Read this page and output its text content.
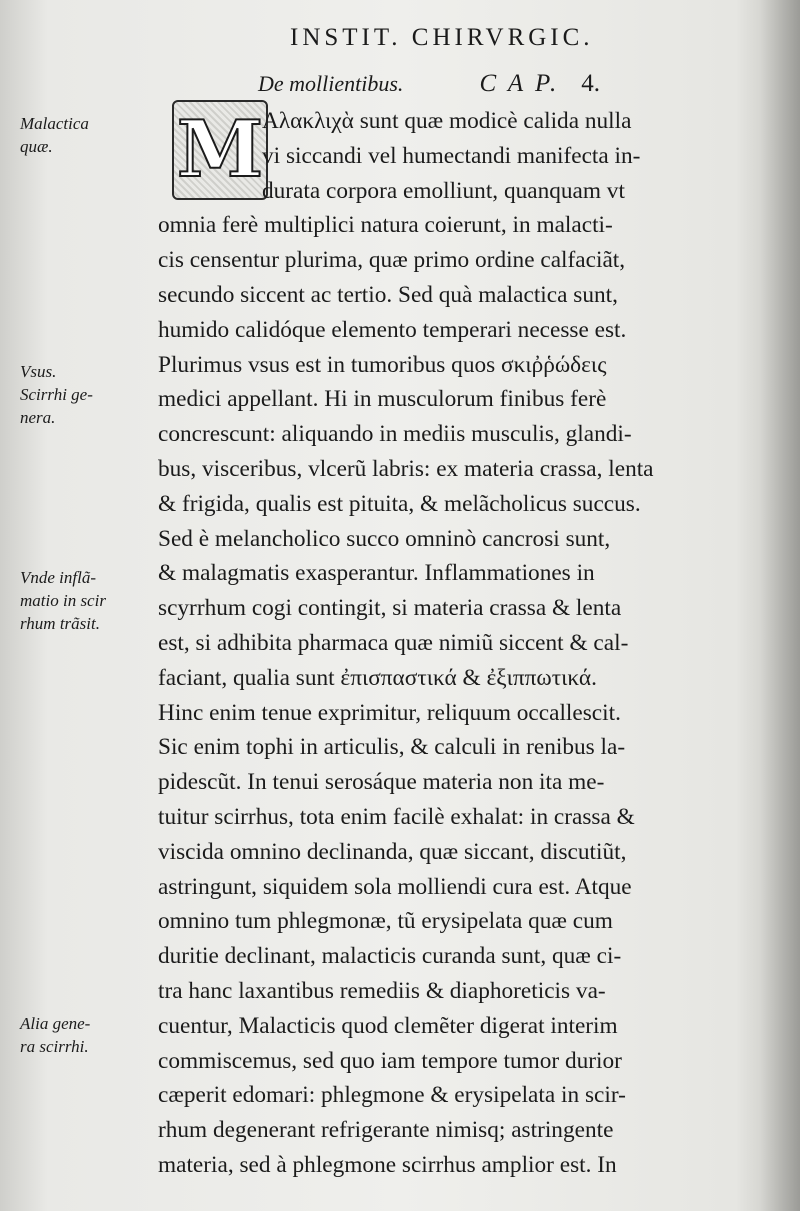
INSTIT. CHIRVRGIC.
De mollientibus.	C A P. 4.
M
Malactica
quæ.
Vsus.
Scirrhi ge-
nera.
Vnde inflã-
matio in scir
rhum trãsit.
Alia gene-
ra scirrhi.
Αλακλιχὰ sunt quæ modicè calida nulla
vi siccandi vel humectandi manifecta in-
durata corpora emolliunt, quanquam vt
omnia ferè multiplici natura coierunt, in malacti-
cis censentur plurima, quæ primo ordine calfaciãt,
secundo siccent ac tertio. Sed quà malactica sunt,
humido calidóque elemento temperari necesse est.
Plurimus vsus est in tumoribus quos σκιῤῥώδεις
medici appellant. Hi in musculorum finibus ferè
concrescunt: aliquando in mediis musculis, glandi-
bus, visceribus, vlcerũ labris: ex materia crassa, lenta
& frigida, qualis est pituita, & melãcholicus succus.
Sed è melancholico succo omninò cancrosi sunt,
& malagmatis exasperantur. Inflammationes in
scyrrhum cogi contingit, si materia crassa & lenta
est, si adhibita pharmaca quæ nimiũ siccent & cal-
faciant, qualia sunt ἐπισπαστικά & ἐξιππωτικά.
Hinc enim tenue exprimitur, reliquum occallescit.
Sic enim tophi in articulis, & calculi in renibus la-
pidescũt. In tenui serosáque materia non ita me-
tuitur scirrhus, tota enim facilè exhalat: in crassa &
viscida omnino declinanda, quæ siccant, discutiũt,
astringunt, siquidem sola molliendi cura est. Atque
omnino tum phlegmonæ, tũ erysipelata quæ cum
duritie declinant, malacticis curanda sunt, quæ ci-
tra hanc laxantibus remediis & diaphoreticis va-
cuentur, Malacticis quod clemẽter digerat interim
commiscemus, sed quo iam tempore tumor durior
cæperit edomari: phlegmone & erysipelata in scir-
rhum degenerant refrigerante nimisq; astringente
materia, sed à phlegmone scirrhus amplior est. In
